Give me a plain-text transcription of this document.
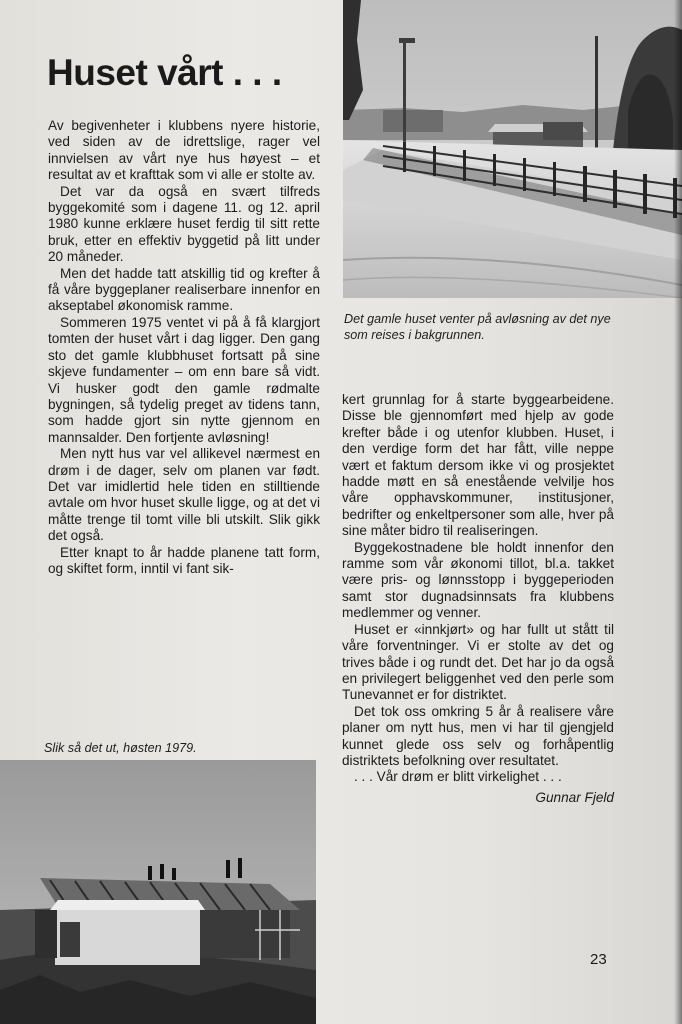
Huset vårt . . .

Av begivenheter i klubbens nyere historie, ved siden av de idrettslige, rager vel innvielsen av vårt nye hus høyest – et resultat av et krafttak som vi alle er stolte av.

Det var da også en svært tilfreds byggekomité som i dagene 11. og 12. april 1980 kunne erklære huset ferdig til sitt rette bruk, etter en effektiv byggetid på litt under 20 måneder.

Men det hadde tatt atskillig tid og krefter å få våre byggeplaner realiserbare innenfor en akseptabel økonomisk ramme.

Sommeren 1975 ventet vi på å få klargjort tomten der huset vårt i dag ligger. Den gang sto det gamle klubbhuset fortsatt på sine skjeve fundamenter – om enn bare så vidt. Vi husker godt den gamle rødmalte bygningen, så tydelig preget av tidens tann, som hadde gjort sin nytte gjennom en mannsalder. Den fortjente avløsning!

Men nytt hus var vel allikevel nærmest en drøm i de dager, selv om planen var født. Det var imidlertid hele tiden en stilltiende avtale om hvor huset skulle ligge, og at det vi måtte trenge til tomt ville bli utskilt. Slik gikk det også.

Etter knapt to år hadde planene tatt form, og skiftet form, inntil vi fant sik-

Det gamle huset venter på avløsning av det nye som reises i bakgrunnen.

kert grunnlag for å starte byggearbeidene. Disse ble gjennomført med hjelp av gode krefter både i og utenfor klubben. Huset, i den verdige form det har fått, ville neppe vært et faktum dersom ikke vi og prosjektet hadde møtt en så enestående velvilje hos våre opphavskommuner, institusjoner, bedrifter og enkeltpersoner som alle, hver på sine måter bidro til realiseringen.

Byggekostnadene ble holdt innenfor den ramme som vår økonomi tillot, bl.a. takket være pris- og lønnsstopp i byggeperioden samt stor dugnadsinnsats fra klubbens medlemmer og venner.

Huset er «innkjørt» og har fullt ut stått til våre forventninger. Vi er stolte av det og trives både i og rundt det. Det har jo da også en privilegert beliggenhet ved den perle som Tunevannet er for distriktet.

Det tok oss omkring 5 år å realisere våre planer om nytt hus, men vi har til gjengjeld kunnet glede oss selv og forhåpentlig distriktets befolkning over resultatet.

. . . Vår drøm er blitt virkelighet . . .

Gunnar Fjeld

Slik så det ut, høsten 1979.
23
